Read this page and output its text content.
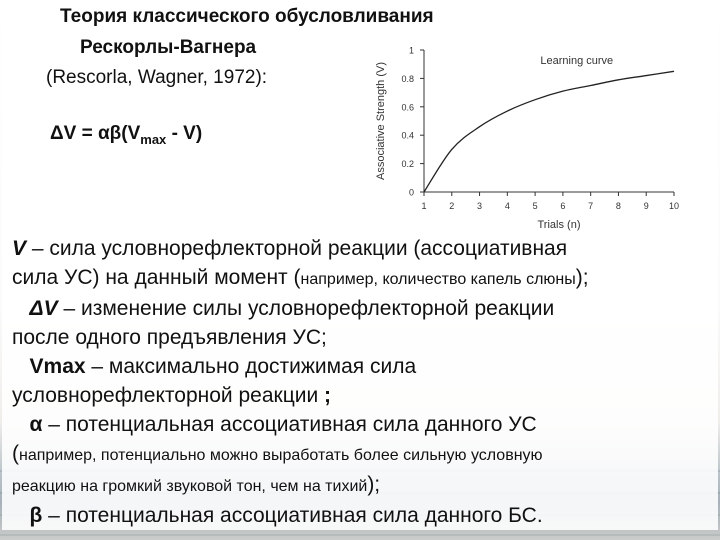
Теория классического обусловливания
Рескорлы-Вагнера
(Rescorla, Wagner, 1972):
$\Delta V = \alpha\beta(V_{max} - V)$
0
0.2
0.4
0.6
0.8
1
1	2	3	4	5	6	7	8	9 10
Trials (n)
Associative Strength (V)
Learning curve

V – сила условнорефлекторной реакции (ассоциативная

сила УС) на данный момент (например, количество капель слюны);

ΔV – изменение силы условнорефлекторной реакции

после одного предъявления УС;

Vmax – максимально достижимая сила

условнорефлекторной реакции ;

α – потенциальная ассоциативная сила данного УС

(например, потенциально можно выработать более сильную условную

реакцию на громкий звуковой тон, чем на тихий);

β – потенциальная ассоциативная сила данного БС.
